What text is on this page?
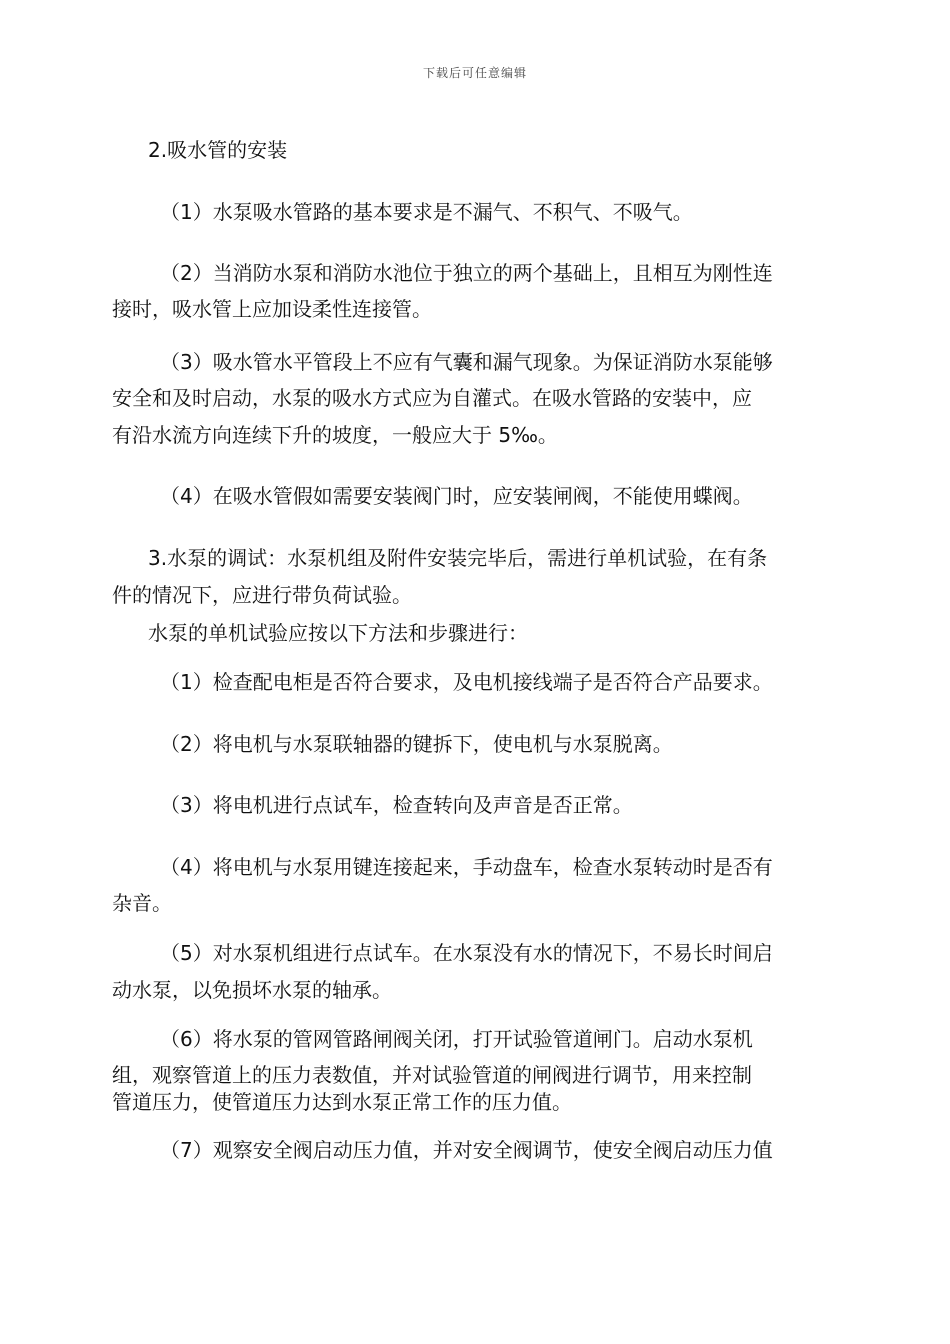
下载后可任意编辑
2.吸水管的安装
（1）水泵吸水管路的基本要求是不漏气、不积气、不吸气。
（2）当消防水泵和消防水池位于独立的两个基础上，且相互为刚性连
接时，吸水管上应加设柔性连接管。
（3）吸水管水平管段上不应有气囊和漏气现象。为保证消防水泵能够
安全和及时启动，水泵的吸水方式应为自灌式。在吸水管路的安装中，应
有沿水流方向连续下升的坡度，一般应大于 5‰。
（4）在吸水管假如需要安装阀门时，应安装闸阀，不能使用蝶阀。
3.水泵的调试：水泵机组及附件安装完毕后，需进行单机试验，在有条
件的情况下，应进行带负荷试验。
水泵的单机试验应按以下方法和步骤进行：
（1）检查配电柜是否符合要求，及电机接线端子是否符合产品要求。
（2）将电机与水泵联轴器的键拆下，使电机与水泵脱离。
（3）将电机进行点试车，检查转向及声音是否正常。
（4）将电机与水泵用键连接起来，手动盘车，检查水泵转动时是否有
杂音。
（5）对水泵机组进行点试车。在水泵没有水的情况下，不易长时间启
动水泵，以免损坏水泵的轴承。
（6）将水泵的管网管路闸阀关闭，打开试验管道闸门。启动水泵机
组，观察管道上的压力表数值，并对试验管道的闸阀进行调节，用来控制
管道压力，使管道压力达到水泵正常工作的压力值。
（7）观察安全阀启动压力值，并对安全阀调节，使安全阀启动压力值
